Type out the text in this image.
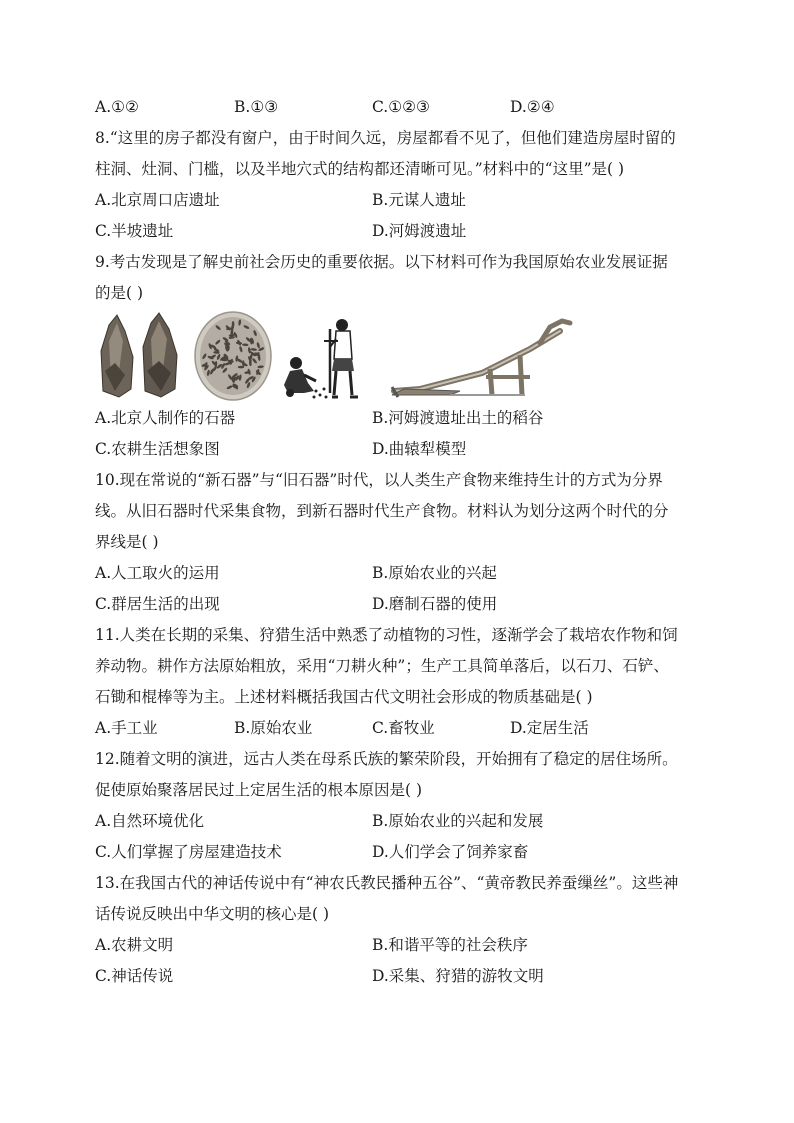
A.①②	B.①③	C.①②③	D.②④
8.“这里的房子都没有窗户，由于时间久远，房屋都看不见了，但他们建造房屋时留的
柱洞、灶洞、门槛，以及半地穴式的结构都还清晰可见。”材料中的“这里”是( )
A.北京周口店遗址	B.元谋人遗址
C.半坡遗址	D.河姆渡遗址
9.考古发现是了解史前社会历史的重要依据。以下材料可作为我国原始农业发展证据
的是( )
A.北京人制作的石器	B.河姆渡遗址出土的稻谷
C.农耕生活想象图	D.曲辕犁模型
10.现在常说的“新石器”与“旧石器”时代，以人类生产食物来维持生计的方式为分界
线。从旧石器时代采集食物，到新石器时代生产食物。材料认为划分这两个时代的分
界线是( )
A.人工取火的运用	B.原始农业的兴起
C.群居生活的出现	D.磨制石器的使用
11.人类在长期的采集、狩猎生活中熟悉了动植物的习性，逐渐学会了栽培农作物和饲
养动物。耕作方法原始粗放，采用“刀耕火种”；生产工具简单落后，以石刀、石铲、
石锄和棍棒等为主。上述材料概括我国古代文明社会形成的物质基础是( )
A.手工业	B.原始农业	C.畜牧业	D.定居生活
12.随着文明的演进，远古人类在母系氏族的繁荣阶段，开始拥有了稳定的居住场所。
促使原始聚落居民过上定居生活的根本原因是( )
A.自然环境优化	B.原始农业的兴起和发展
C.人们掌握了房屋建造技术	D.人们学会了饲养家畜
13.在我国古代的神话传说中有“神农氏教民播种五谷”、“黄帝教民养蚕缫丝”。这些神
话传说反映出中华文明的核心是( )
A.农耕文明	B.和谐平等的社会秩序
C.神话传说	D.采集、狩猎的游牧文明
